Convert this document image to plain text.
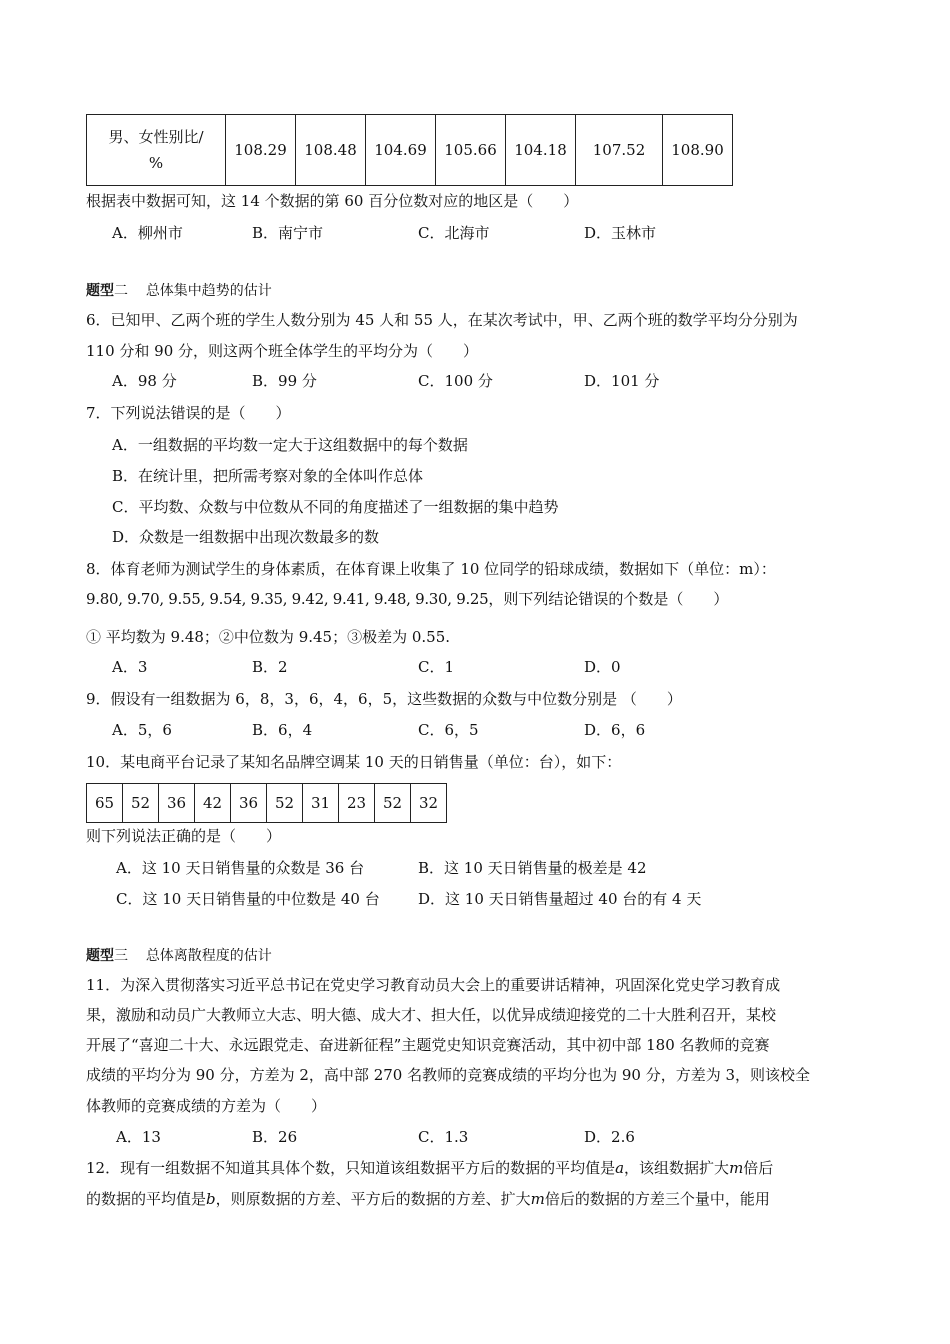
男、女性别比/
%
	108.29	108.48	104.69	105.66	104.18	107.52	108.90
根据表中数据可知，这 14 个数据的第 60 百分位数对应的地区是（　　）
A．柳州市	B．南宁市	C．北海市	D．玉林市
题型二 总体集中趋势的估计
6．已知甲、乙两个班的学生人数分别为 45 人和 55 人，在某次考试中，甲、乙两个班的数学平均分分别为
110 分和 90 分，则这两个班全体学生的平均分为（　　）
A．98 分	B．99 分	C．100 分	D．101 分
7．下列说法错误的是（　　）
A．一组数据的平均数一定大于这组数据中的每个数据
B．在统计里，把所需考察对象的全体叫作总体
C．平均数、众数与中位数从不同的角度描述了一组数据的集中趋势
D．众数是一组数据中出现次数最多的数
8．体育老师为测试学生的身体素质，在体育课上收集了 10 位同学的铅球成绩，数据如下（单位：m）：
9.80, 9.70, 9.55, 9.54, 9.35, 9.42, 9.41, 9.48, 9.30, 9.25，则下列结论错误的个数是（　　）
① 平均数为 9.48；②中位数为 9.45；③极差为 0.55.
A．3	B．2	C．1	D．0
9．假设有一组数据为 6，8，3，6，4，6，5，这些数据的众数与中位数分别是 （　　）
A．5，6	B．6，4	C．6，5	D．6，6
10．某电商平台记录了某知名品牌空调某 10 天的日销售量（单位：台），如下：
65	52	36	42	36	52	31	23	52	32
则下列说法正确的是（　　）
A．这 10 天日销售量的众数是 36 台	B．这 10 天日销售量的极差是 42
C．这 10 天日销售量的中位数是 40 台	D．这 10 天日销售量超过 40 台的有 4 天
题型三 总体离散程度的估计
11．为深入贯彻落实习近平总书记在党史学习教育动员大会上的重要讲话精神，巩固深化党史学习教育成
果，激励和动员广大教师立大志、明大德、成大才、担大任，以优异成绩迎接党的二十大胜利召开，某校
开展了“喜迎二十大、永远跟党走、奋进新征程”主题党史知识竞赛活动，其中初中部 180 名教师的竞赛
成绩的平均分为 90 分，方差为 2，高中部 270 名教师的竞赛成绩的平均分也为 90 分，方差为 3，则该校全
体教师的竞赛成绩的方差为（　　）
A．13	B．26	C．1.3	D．2.6
12．现有一组数据不知道其具体个数，只知道该组数据平方后的数据的平均值是a，该组数据扩大m倍后
的数据的平均值是b，则原数据的方差、平方后的数据的方差、扩大m倍后的数据的方差三个量中，能用
